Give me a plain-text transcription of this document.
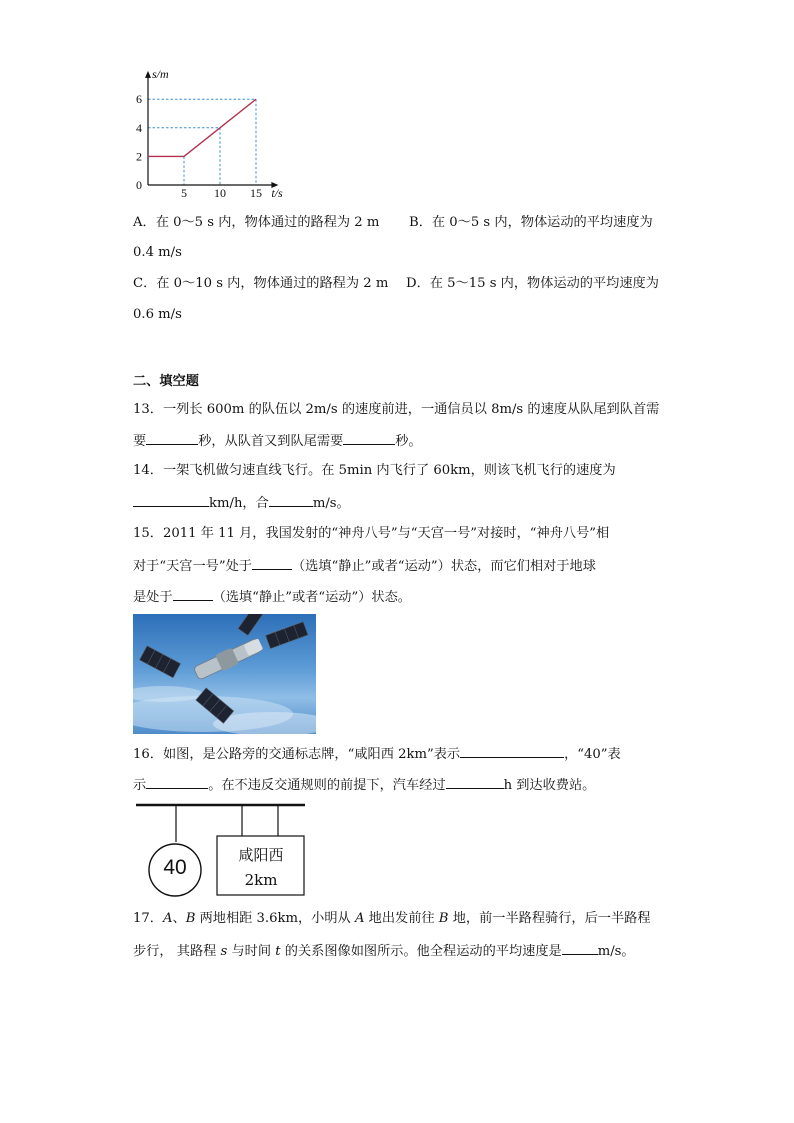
5 10 15
0
2
4
6
s/m
t/s
A．在 0～5 s 内，物体通过的路程为 2 m B．在 0～5 s 内，物体运动的平均速度为
0.4 m/s
C．在 0～10 s 内，物体通过的路程为 2 m D．在 5～15 s 内，物体运动的平均速度为
0.6 m/s
二、填空题
13．一列长 600m 的队伍以 2m/s 的速度前进，一通信员以 8m/s 的速度从队尾到队首需
要	秒，从队首又到队尾需要	秒。
14．一架飞机做匀速直线飞行。在 5min 内飞行了 60km，则该飞机飞行的速度为
km/h，合	m/s。
15．2011 年 11 月，我国发射的“神舟八号”与“天宫一号”对接时，“神舟八号”相
对于“天宫一号”处于	（选填“静止”或者“运动”）状态，而它们相对于地球
是处于	（选填“静止”或者“运动”）状态。
16．如图，是公路旁的交通标志牌，“咸阳西 2km”表示	，“40”表
示	。在不违反交通规则的前提下，汽车经过	h 到达收费站。
40
咸阳西
2km
17．A、B 两地相距 3.6km，小明从 A 地出发前往 B 地，前一半路程骑行，后一半路程
步行， 其路程 s 与时间 t 的关系图像如图所示。他全程运动的平均速度是	m/s。
